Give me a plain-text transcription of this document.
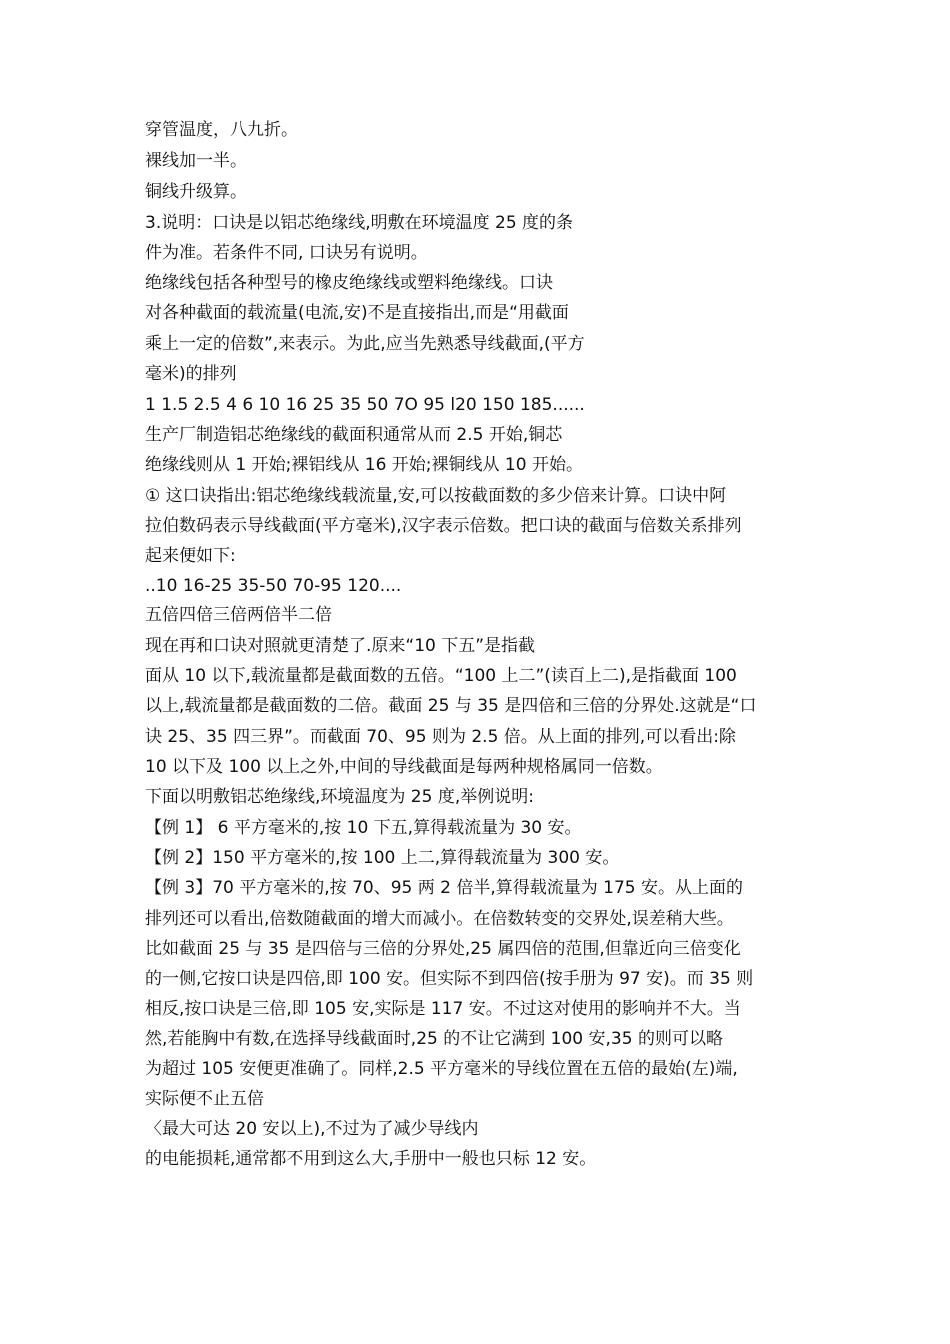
穿管温度，八九折。
裸线加一半。
铜线升级算。
3.说明：口诀是以铝芯绝缘线,明敷在环境温度 25 度的条
件为准。若条件不同, 口诀另有说明。
绝缘线包括各种型号的橡皮绝缘线或塑料绝缘线。口诀
对各种截面的载流量(电流,安)不是直接指出,而是“用截面
乘上一定的倍数”,来表示。为此,应当先熟悉导线截面,(平方
毫米)的排列
1 1.5 2.5 4 6 10 16 25 35 50 7O 95 l20 150 185......
生产厂制造铝芯绝缘线的截面积通常从而 2.5 开始,铜芯
绝缘线则从 1 开始;裸铝线从 16 开始;裸铜线从 10 开始。
① 这口诀指出:铝芯绝缘线载流量,安,可以按截面数的多少倍来计算。口诀中阿
拉伯数码表示导线截面(平方毫米),汉字表示倍数。把口诀的截面与倍数关系排列
起来便如下:
..10 16-25 35-50 70-95 120....
五倍四倍三倍两倍半二倍
现在再和口诀对照就更清楚了.原来“10 下五”是指截
面从 10 以下,载流量都是截面数的五倍。“100 上二”(读百上二),是指截面 100
以上,载流量都是截面数的二倍。截面 25 与 35 是四倍和三倍的分界处.这就是“口
诀 25、35 四三界”。而截面 70、95 则为 2.5 倍。从上面的排列,可以看出:除
10 以下及 100 以上之外,中间的导线截面是每两种规格属同一倍数。
下面以明敷铝芯绝缘线,环境温度为 25 度,举例说明:
【例 1】 6 平方毫米的,按 10 下五,算得载流量为 30 安。
【例 2】150 平方毫米的,按 100 上二,算得载流量为 300 安。
【例 3】70 平方毫米的,按 70、95 两 2 倍半,算得载流量为 175 安。从上面的
排列还可以看出,倍数随截面的增大而减小。在倍数转变的交界处,误差稍大些。
比如截面 25 与 35 是四倍与三倍的分界处,25 属四倍的范围,但靠近向三倍变化
的一侧,它按口诀是四倍,即 100 安。但实际不到四倍(按手册为 97 安)。而 35 则
相反,按口诀是三倍,即 105 安,实际是 117 安。不过这对使用的影响并不大。当
然,若能胸中有数,在选择导线截面时,25 的不让它满到 100 安,35 的则可以略
为超过 105 安便更准确了。同样,2.5 平方毫米的导线位置在五倍的最始(左)端,
实际便不止五倍
〈最大可达 20 安以上),不过为了减少导线内
的电能损耗,通常都不用到这么大,手册中一般也只标 12 安。
